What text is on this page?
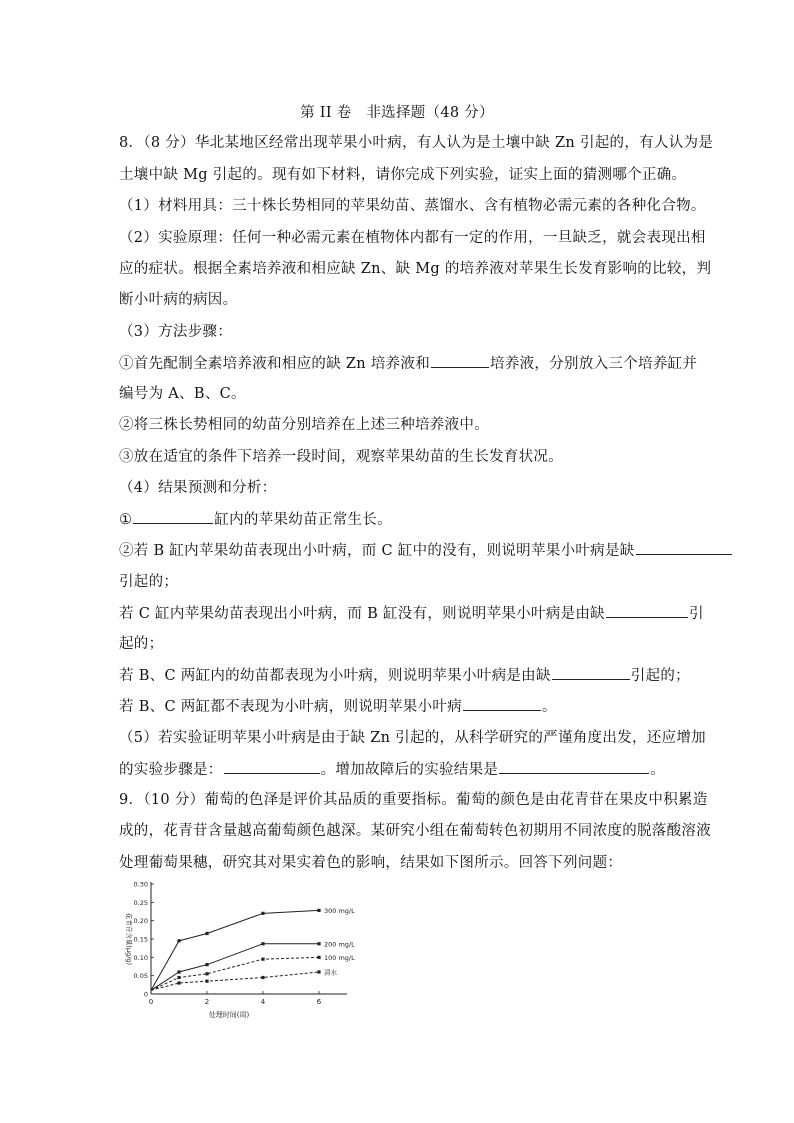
第 II 卷　非选择题（48 分）
8．（8 分）华北某地区经常出现苹果小叶病，有人认为是土壤中缺 Zn 引起的，有人认为是
土壤中缺 Mg 引起的。现有如下材料，请你完成下列实验，证实上面的猜测哪个正确。
（1）材料用具：三十株长势相同的苹果幼苗、蒸馏水、含有植物必需元素的各种化合物。
（2）实验原理：任何一种必需元素在植物体内都有一定的作用，一旦缺乏，就会表现出相
应的症状。根据全素培养液和相应缺 Zn、缺 Mg 的培养液对苹果生长发育影响的比较，判
断小叶病的病因。
（3）方法步骤：
①首先配制全素培养液和相应的缺 Zn 培养液和	培养液，分别放入三个培养缸并
编号为 A、B、C。
②将三株长势相同的幼苗分别培养在上述三种培养液中。
③放在适宜的条件下培养一段时间，观察苹果幼苗的生长发育状况。
（4）结果预测和分析：
①	缸内的苹果幼苗正常生长。
②若 B 缸内苹果幼苗表现出小叶病，而 C 缸中的没有，则说明苹果小叶病是缺
引起的；
若 C 缸内苹果幼苗表现出小叶病，而 B 缸没有，则说明苹果小叶病是由缺	引
起的；
若 B、C 两缸内的幼苗都表现为小叶病，则说明苹果小叶病是由缺	引起的；
若 B、C 两缸都不表现为小叶病，则说明苹果小叶病	。
（5）若实验证明苹果小叶病是由于缺 Zn 引起的，从科学研究的严谨角度出发，还应增加
的实验步骤是：	。增加故障后的实验结果是	。
9．（10 分）葡萄的色泽是评价其品质的重要指标。葡萄的颜色是由花青苷在果皮中积累造
成的，花青苷含量越高葡萄颜色越深。某研究小组在葡萄转色初期用不同浓度的脱落酸溶液
处理葡萄果穗，研究其对果实着色的影响，结果如下图所示。回答下列问题：
0
0.05
0.10
0.15
0.20
0.25
0.30
0	2	4	6
处理时间(周)
花青苷含量(μg/g)
300 mg/L
200 mg/L
100 mg/L
清水
